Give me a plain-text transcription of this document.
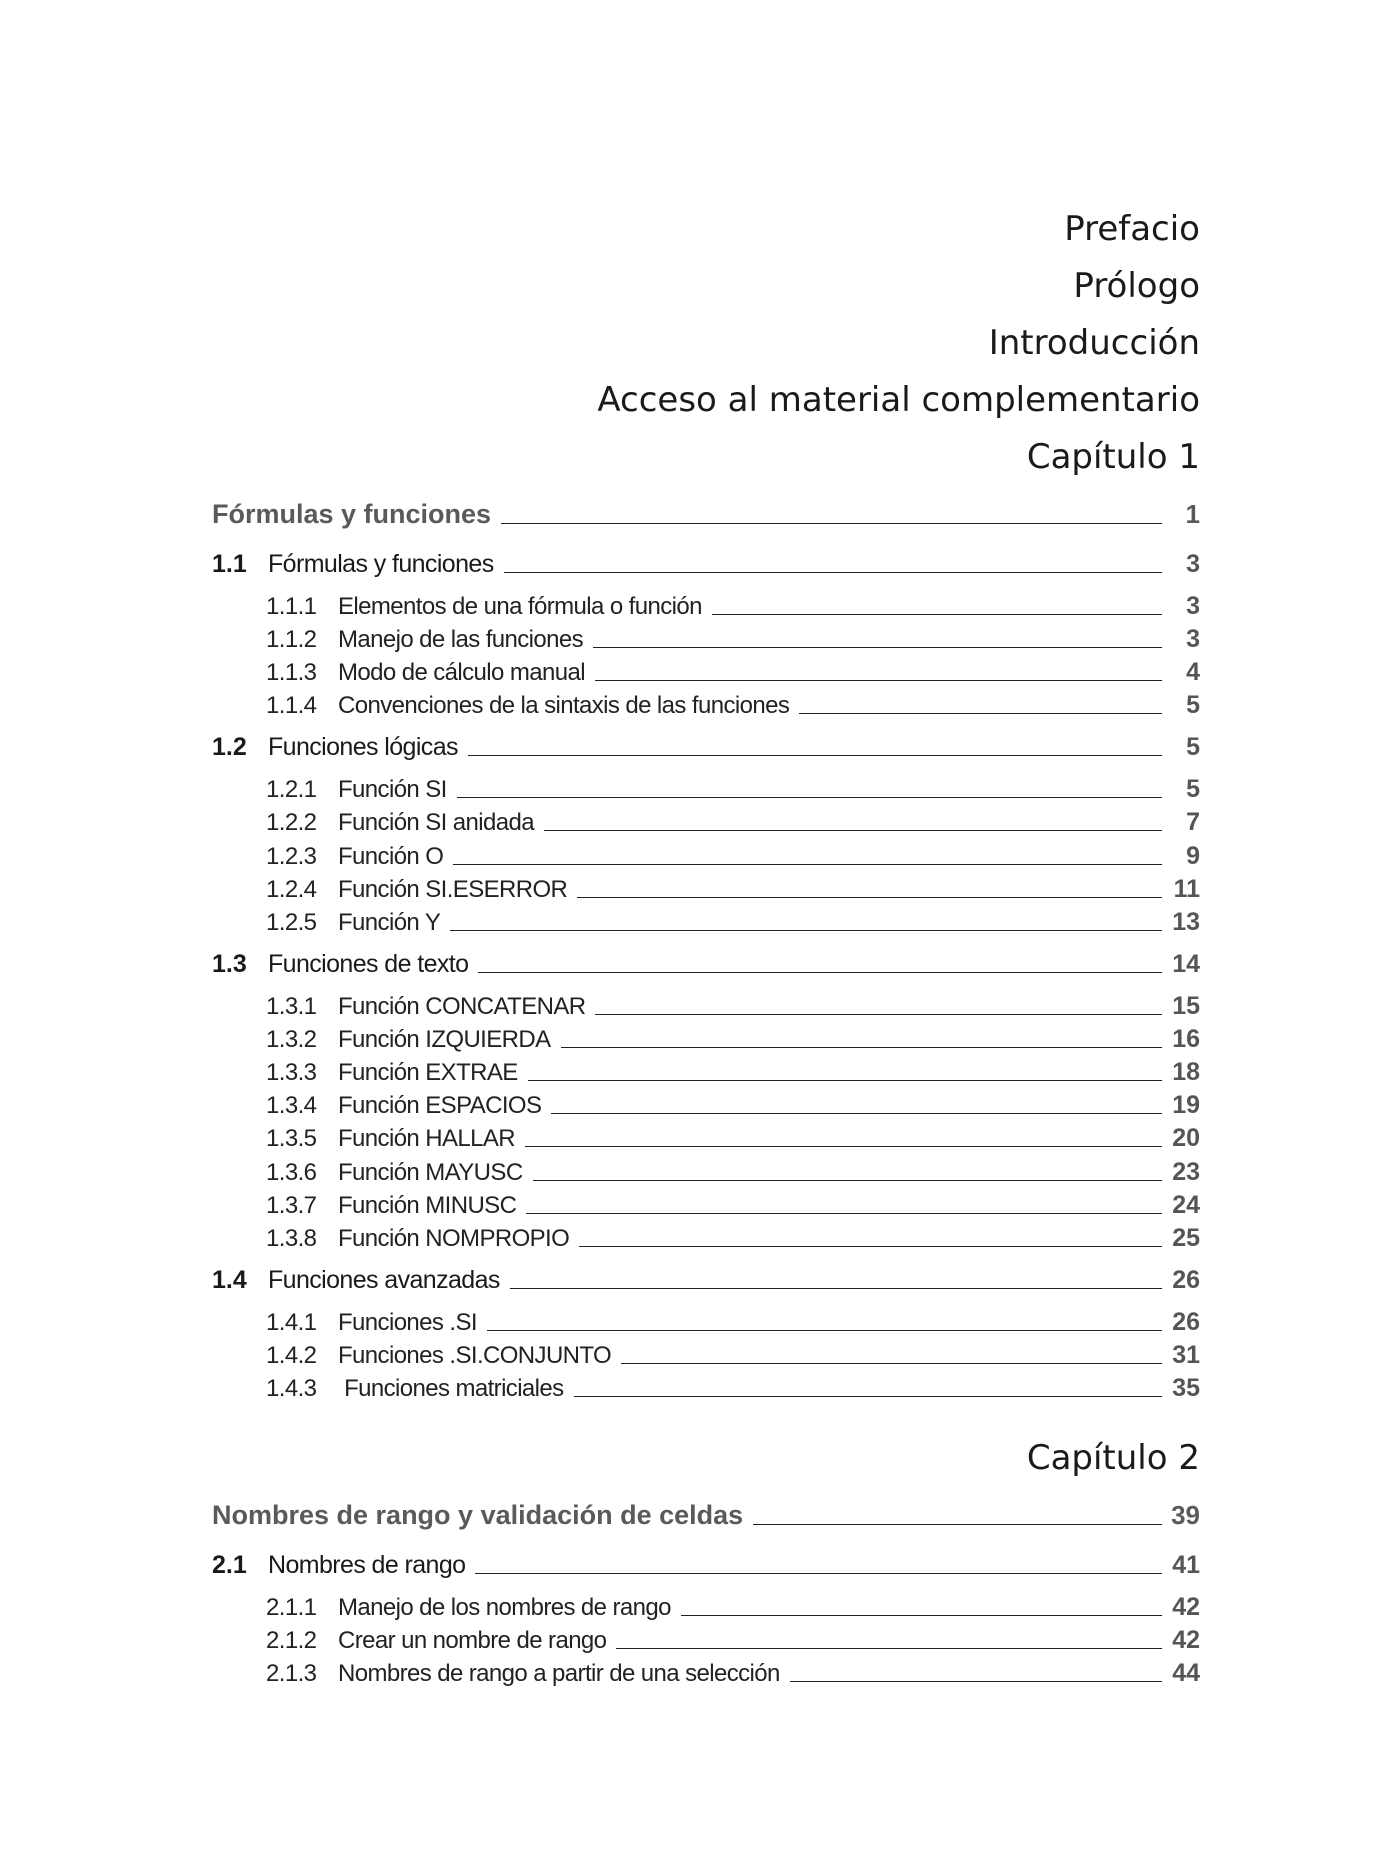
Prefacio
Prólogo
Introducción
Acceso al material complementario
Capítulo 1
Fórmulas y funciones	1
1.1 Fórmulas y funciones	3
1.1.1 Elementos de una fórmula o función	3
1.1.2 Manejo de las funciones	3
1.1.3 Modo de cálculo manual	4
1.1.4 Convenciones de la sintaxis de las funciones	5
1.2 Funciones lógicas	5
1.2.1 Función SI	5
1.2.2 Función SI anidada	7
1.2.3 Función O	9
1.2.4 Función SI.ESERROR	11
1.2.5 Función Y	13
1.3 Funciones de texto	14
1.3.1 Función CONCATENAR	15
1.3.2 Función IZQUIERDA	16
1.3.3 Función EXTRAE	18
1.3.4 Función ESPACIOS	19
1.3.5 Función HALLAR	20
1.3.6 Función MAYUSC	23
1.3.7 Función MINUSC	24
1.3.8 Función NOMPROPIO	25
1.4 Funciones avanzadas	26
1.4.1 Funciones .SI	26
1.4.2 Funciones .SI.CONJUNTO	31
1.4.3 Funciones matriciales	35
Capítulo 2
Nombres de rango y validación de celdas	39
2.1 Nombres de rango	41
2.1.1 Manejo de los nombres de rango	42
2.1.2 Crear un nombre de rango	42
2.1.3 Nombres de rango a partir de una selección	44
